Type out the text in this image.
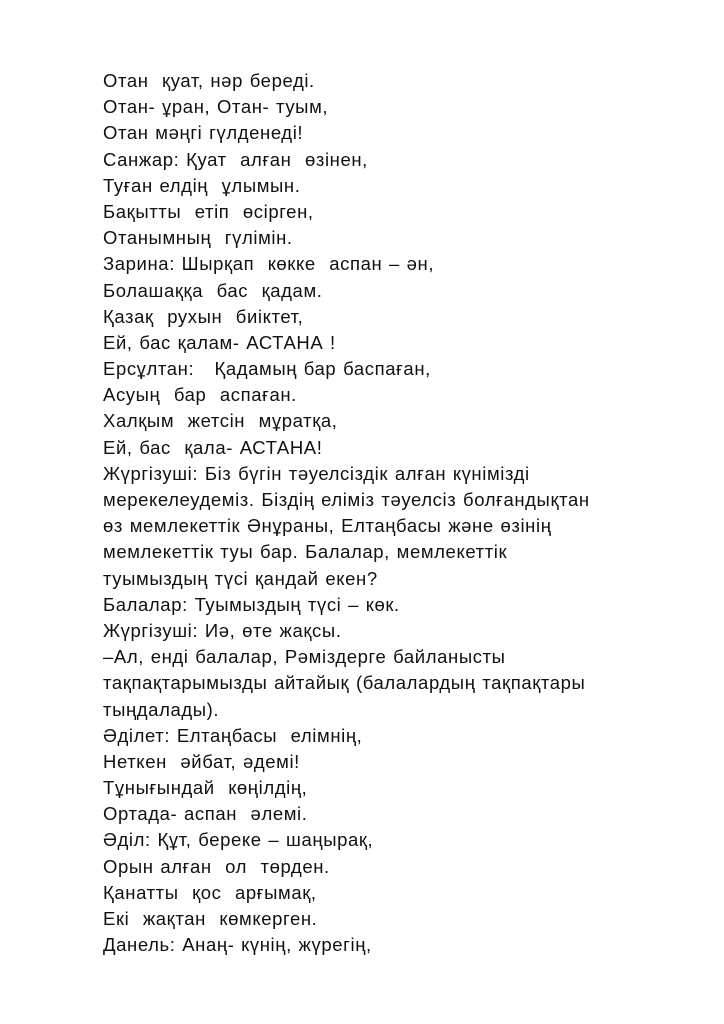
Отан  қуат, нәр береді.
Отан- ұран, Отан- туым,
Отан мәңгі гүлденеді!
Санжар: Қуат  алған  өзінен,
Туған елдің  ұлымын.
Бақытты  етіп  өсірген,
Отанымның  гүлімін.
Зарина: Шырқап  көкке  аспан – ән,
Болашаққа  бас  қадам.
Қазақ  рухын  биіктет,
Ей, бас қалам- АСТАНА !
Ерсұлтан:   Қадамың бар баспаған,
Асуың  бар  аспаған.
Халқым  жетсін  мұратқа,
Ей, бас  қала- АСТАНА!
Жүргізуші: Біз бүгін тәуелсіздік алған күнімізді
мерекелеудеміз. Біздің еліміз тәуелсіз болғандықтан
өз мемлекеттік Әнұраны, Елтаңбасы және өзінің
мемлекеттік туы бар. Балалар, мемлекеттік
туымыздың түсі қандай екен?
Балалар: Туымыздың түсі – көк.
Жүргізуші: Иә, өте жақсы.
–Ал, енді балалар, Рәміздерге байланысты
тақпақтарымызды айтайық (балалардың тақпақтары
тыңдалады).
Әділет: Елтаңбасы  елімнің,
Неткен  әйбат, әдемі!
Тұнығындай  көңілдің,
Ортада- аспан  әлемі.
Әділ: Құт, береке – шаңырақ,
Орын алған  ол  төрден.
Қанатты  қос  арғымақ,
Екі  жақтан  көмкерген.
Данель: Анаң- күнің, жүрегің,
